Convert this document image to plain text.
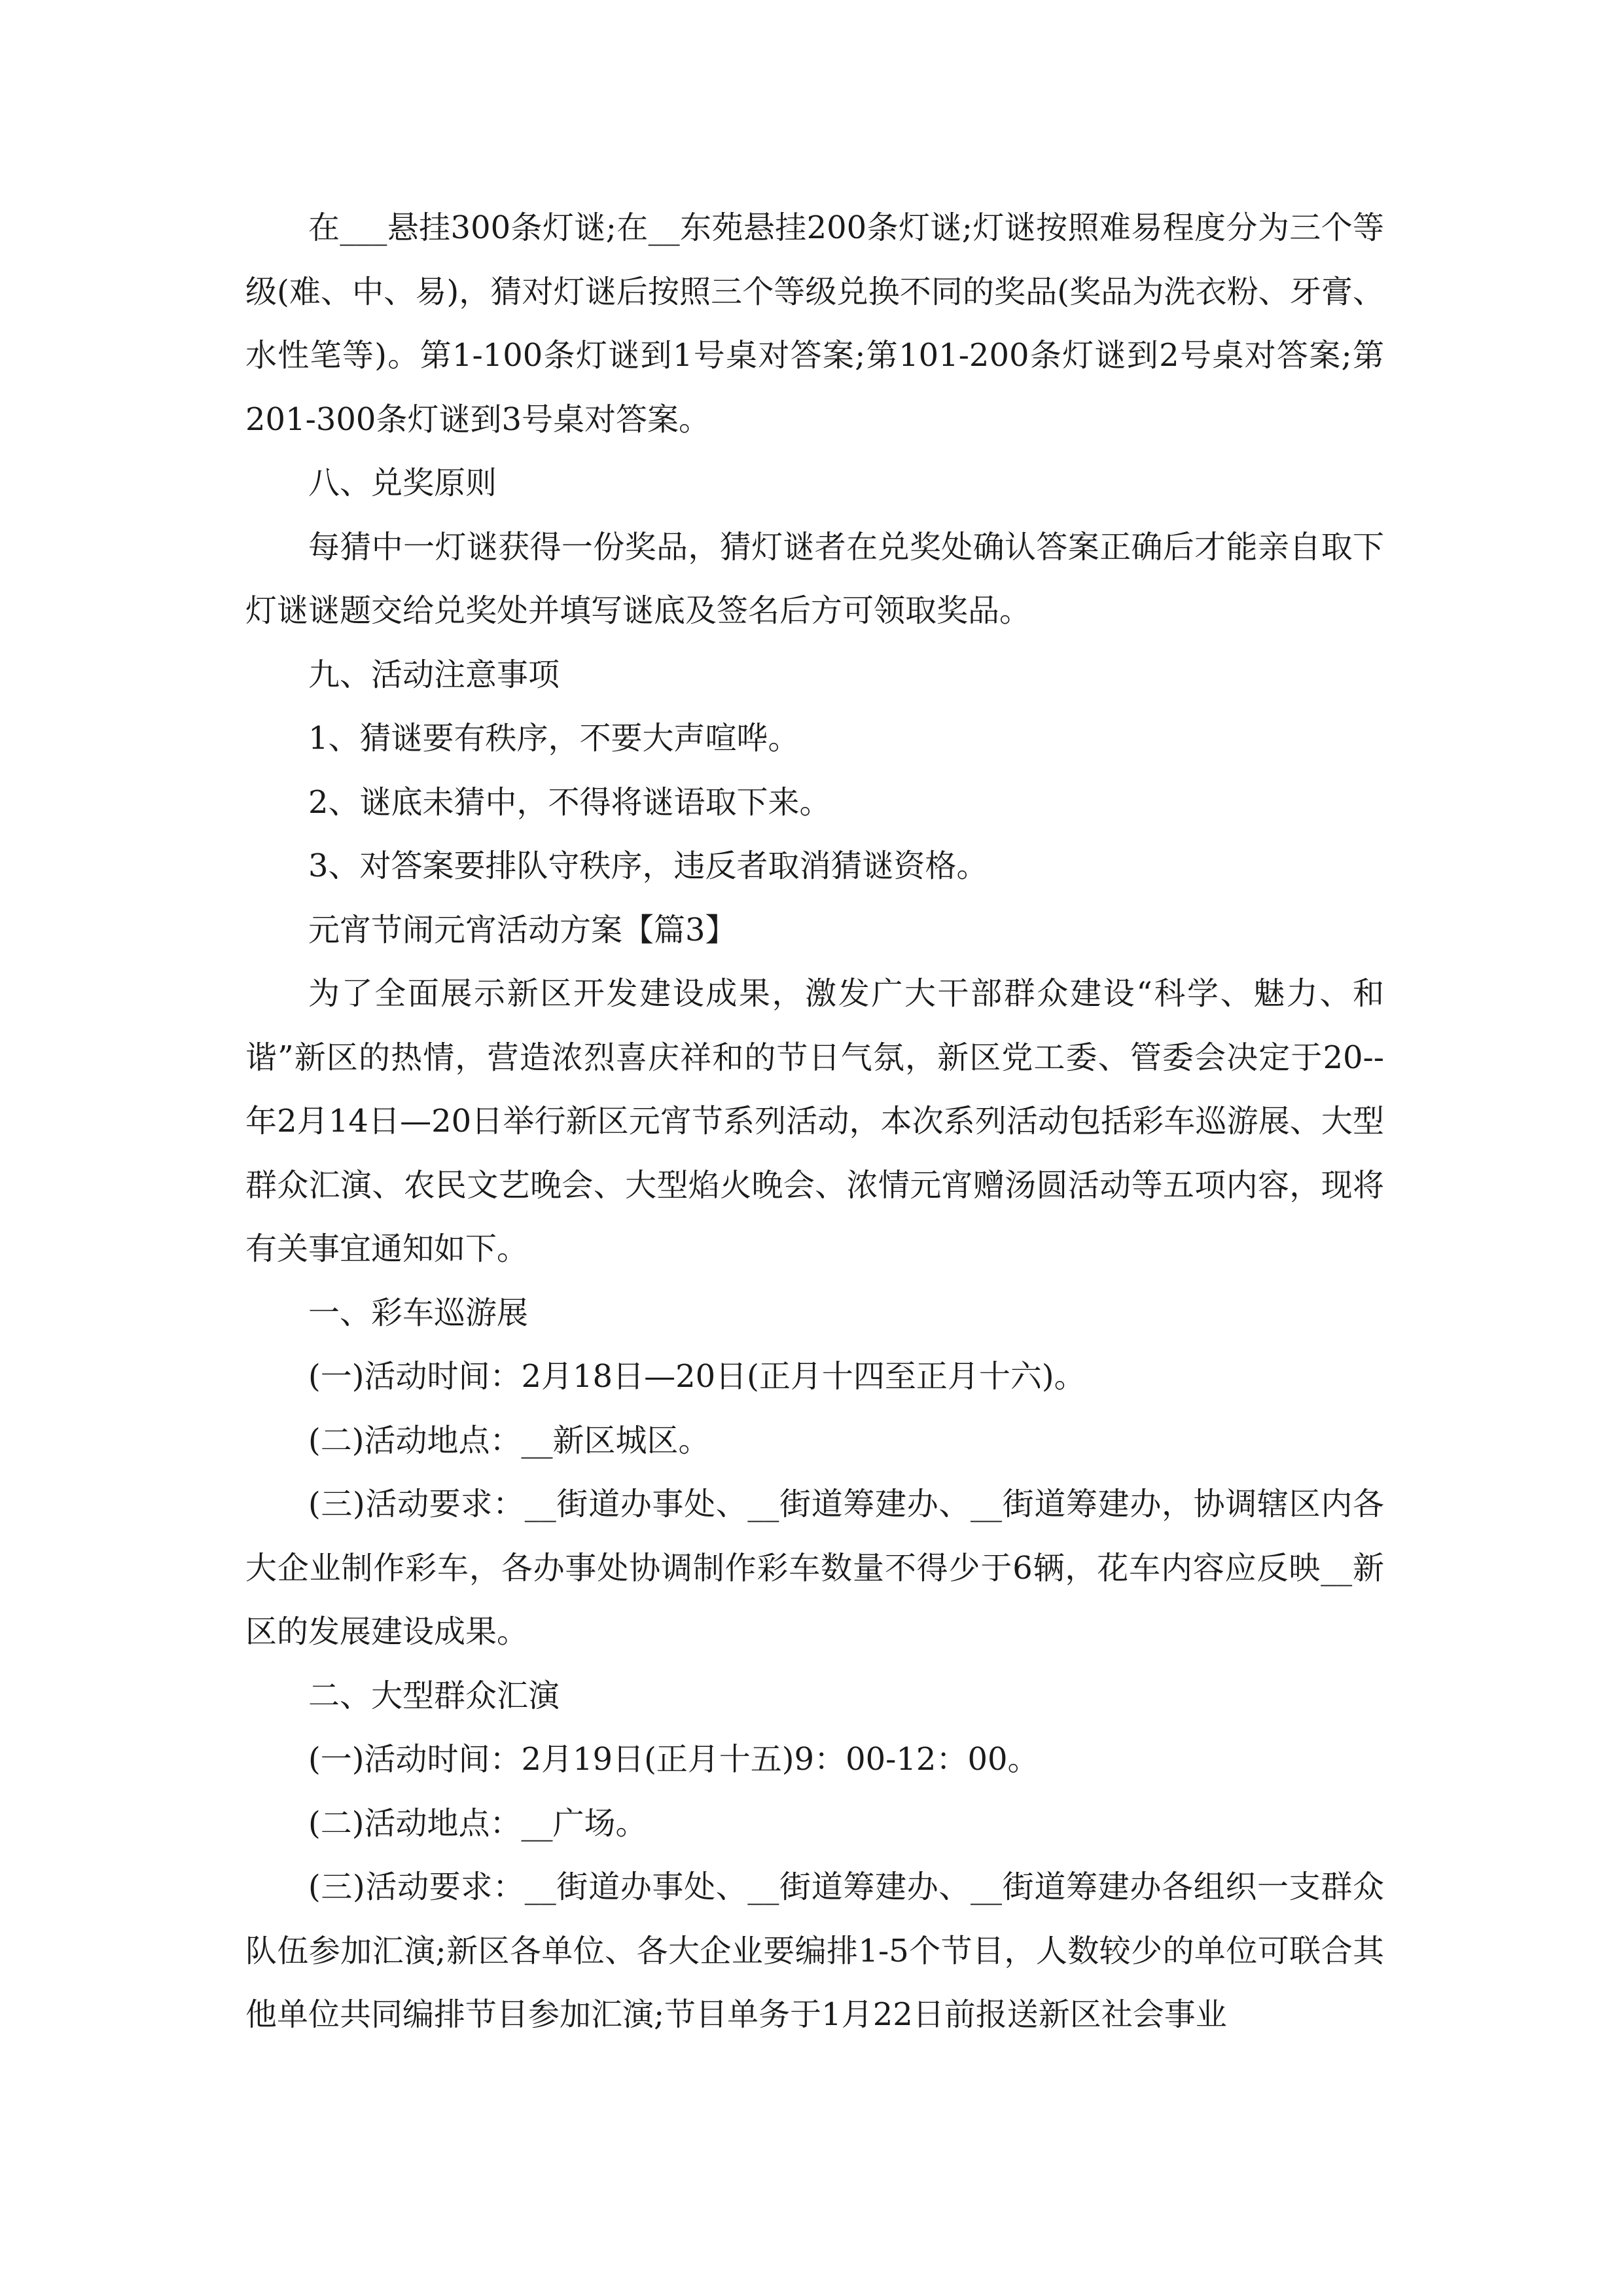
在___悬挂300条灯谜;在__东苑悬挂200条灯谜;灯谜按照难易程度分为三个等级(难、中、易)，猜对灯谜后按照三个等级兑换不同的奖品(奖品为洗衣粉、牙膏、水性笔等)。第1-100条灯谜到1号桌对答案;第101-200条灯谜到2号桌对答案;第201-300条灯谜到3号桌对答案。

八、兑奖原则

每猜中一灯谜获得一份奖品，猜灯谜者在兑奖处确认答案正确后才能亲自取下灯谜谜题交给兑奖处并填写谜底及签名后方可领取奖品。

九、活动注意事项

1、猜谜要有秩序，不要大声喧哗。

2、谜底未猜中，不得将谜语取下来。

3、对答案要排队守秩序，违反者取消猜谜资格。

元宵节闹元宵活动方案【篇3】

为了全面展示新区开发建设成果，激发广大干部群众建设“科学、魅力、和谐”新区的热情，营造浓烈喜庆祥和的节日气氛，新区党工委、管委会决定于20--年2月14日—20日举行新区元宵节系列活动，本次系列活动包括彩车巡游展、大型群众汇演、农民文艺晚会、大型焰火晚会、浓情元宵赠汤圆活动等五项内容，现将有关事宜通知如下。

一、彩车巡游展

(一)活动时间：2月18日—20日(正月十四至正月十六)。

(二)活动地点：__新区城区。

(三)活动要求：__街道办事处、__街道筹建办、__街道筹建办，协调辖区内各大企业制作彩车，各办事处协调制作彩车数量不得少于6辆，花车内容应反映__新区的发展建设成果。

二、大型群众汇演

(一)活动时间：2月19日(正月十五)9：00-12：00。

(二)活动地点：__广场。

(三)活动要求：__街道办事处、__街道筹建办、__街道筹建办各组织一支群众队伍参加汇演;新区各单位、各大企业要编排1-5个节目，人数较少的单位可联合其他单位共同编排节目参加汇演;节目单务于1月22日前报送新区社会事业
